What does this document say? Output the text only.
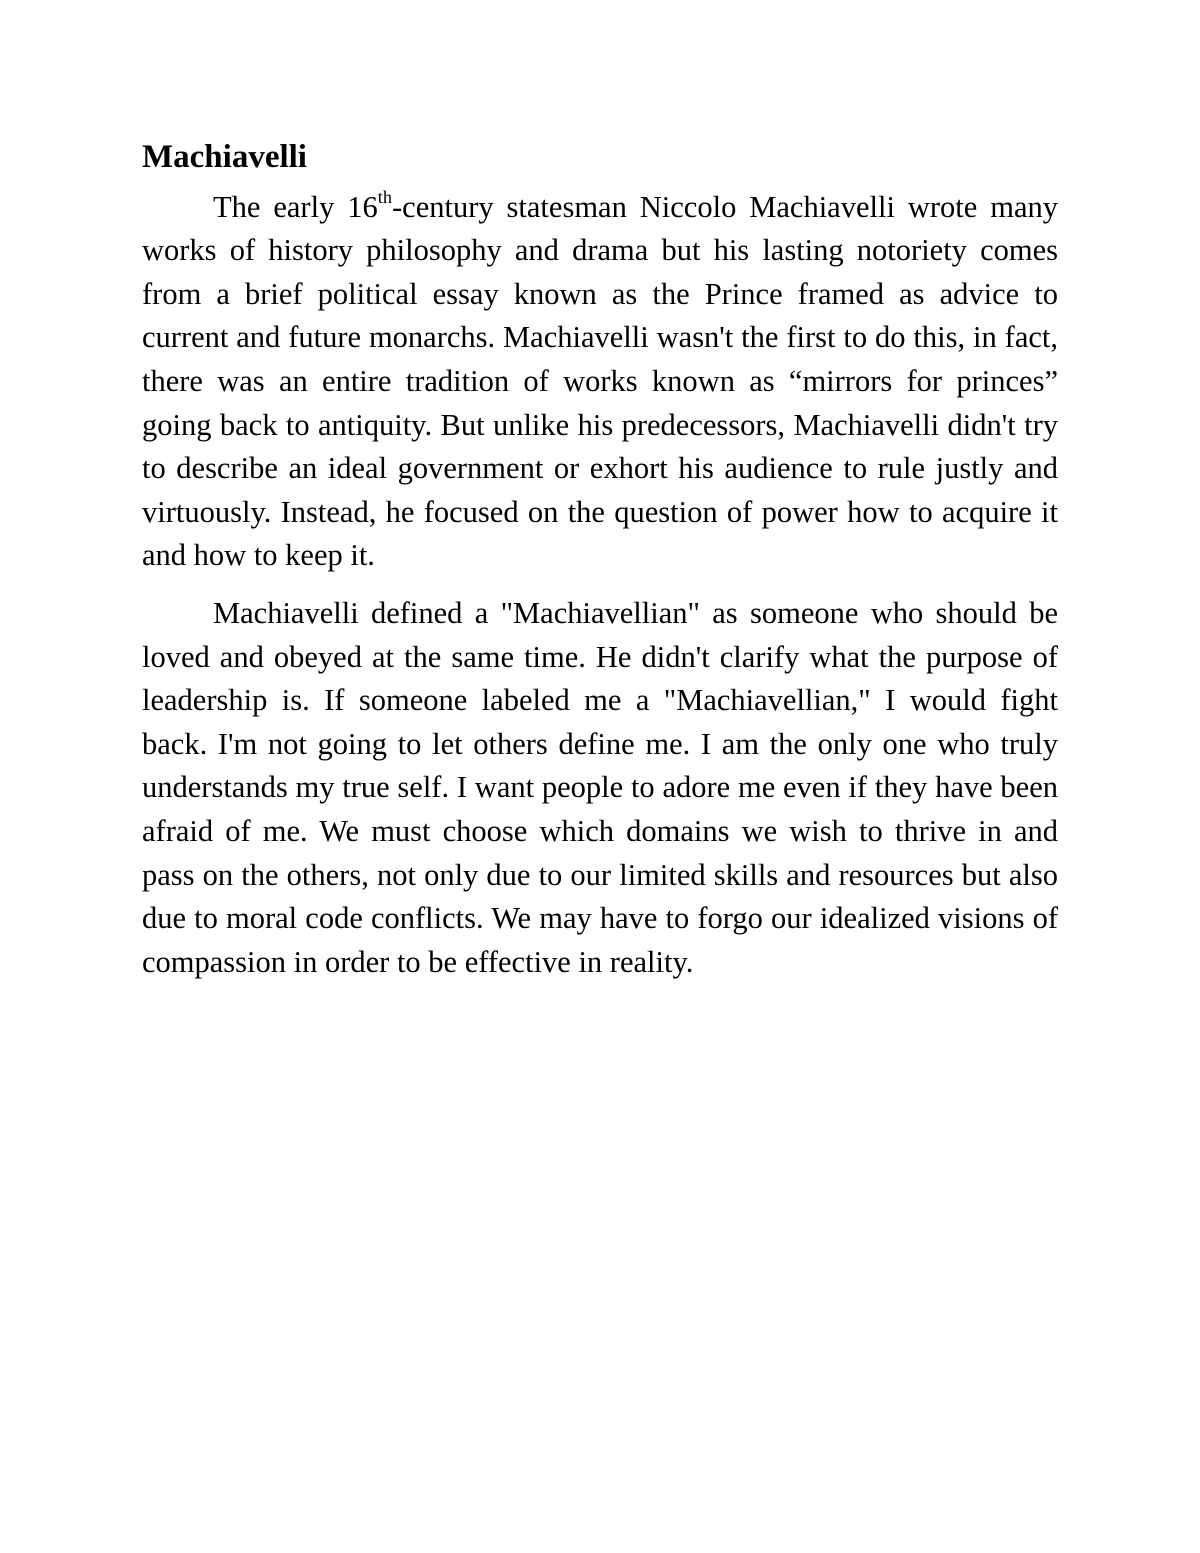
Machiavelli

The early 16th-century statesman Niccolo Machiavelli wrote many works of history philosophy and drama but his lasting notoriety comes from a brief political essay known as the Prince framed as advice to current and future monarchs. Machiavelli wasn't the first to do this, in fact, there was an entire tradition of works known as “mirrors for princes” going back to antiquity. But unlike his predecessors, Machiavelli didn't try to describe an ideal government or exhort his audience to rule justly and virtuously. Instead, he focused on the question of power how to acquire it and how to keep it.

Machiavelli defined a "Machiavellian" as someone who should be loved and obeyed at the same time. He didn't clarify what the purpose of leadership is. If someone labeled me a "Machiavellian," I would fight back. I'm not going to let others define me. I am the only one who truly understands my true self. I want people to adore me even if they have been afraid of me. We must choose which domains we wish to thrive in and pass on the others, not only due to our limited skills and resources but also due to moral code conflicts. We may have to forgo our idealized visions of compassion in order to be effective in reality.
